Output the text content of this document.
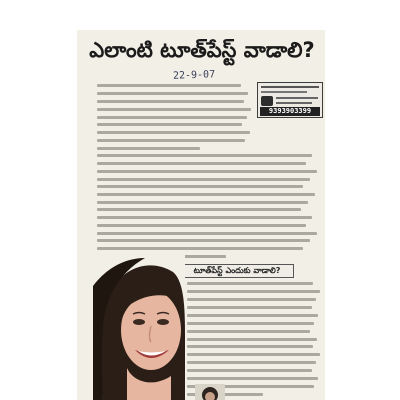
ఎలాంటి టూత్‌పేస్ట్ వాడాలి?
22-9-07
9393903399
టూత్‌పేస్ట్ ఎందుకు వాడాలి?
